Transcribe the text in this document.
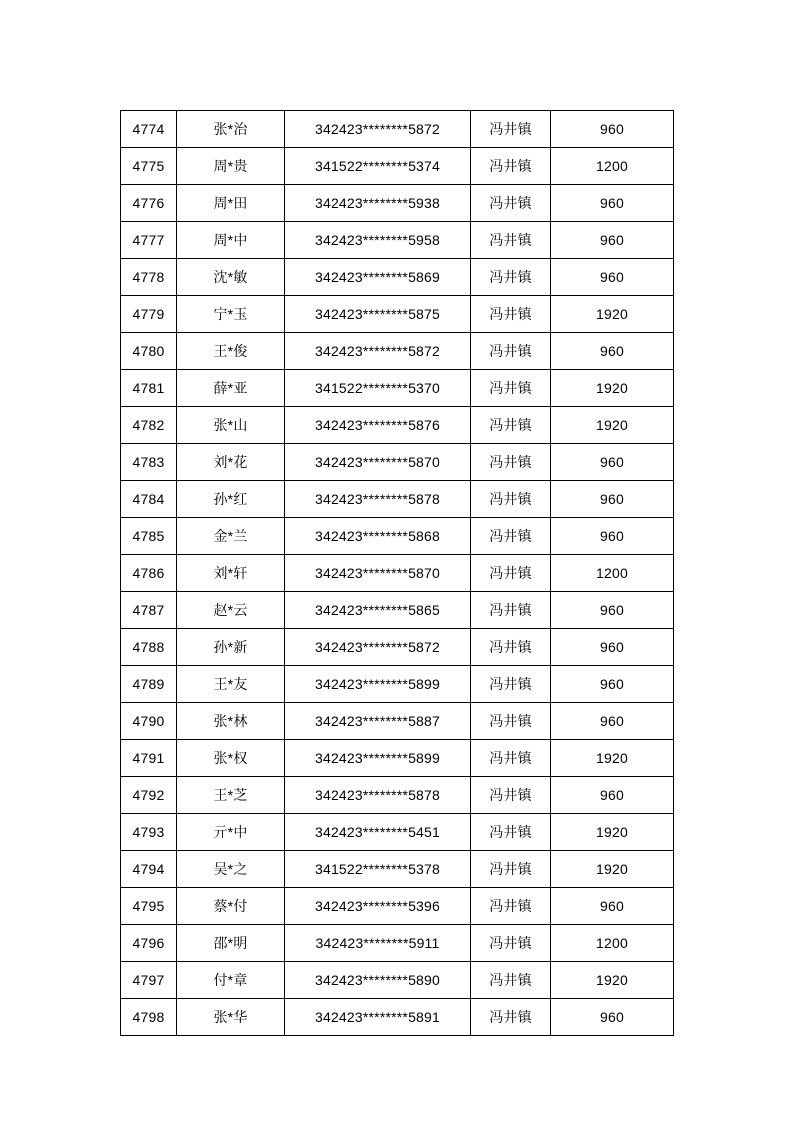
4774	张*治	342423********5872	冯井镇	960
4775	周*贵	341522********5374	冯井镇	1200
4776	周*田	342423********5938	冯井镇	960
4777	周*中	342423********5958	冯井镇	960
4778	沈*敏	342423********5869	冯井镇	960
4779	宁*玉	342423********5875	冯井镇	1920
4780	王*俊	342423********5872	冯井镇	960
4781	薛*亚	341522********5370	冯井镇	1920
4782	张*山	342423********5876	冯井镇	1920
4783	刘*花	342423********5870	冯井镇	960
4784	孙*红	342423********5878	冯井镇	960
4785	金*兰	342423********5868	冯井镇	960
4786	刘*轩	342423********5870	冯井镇	1200
4787	赵*云	342423********5865	冯井镇	960
4788	孙*新	342423********5872	冯井镇	960
4789	王*友	342423********5899	冯井镇	960
4790	张*林	342423********5887	冯井镇	960
4791	张*权	342423********5899	冯井镇	1920
4792	王*芝	342423********5878	冯井镇	960
4793	亓*中	342423********5451	冯井镇	1920
4794	吴*之	341522********5378	冯井镇	1920
4795	蔡*付	342423********5396	冯井镇	960
4796	邵*明	342423********5911	冯井镇	1200
4797	付*章	342423********5890	冯井镇	1920
4798	张*华	342423********5891	冯井镇	960
